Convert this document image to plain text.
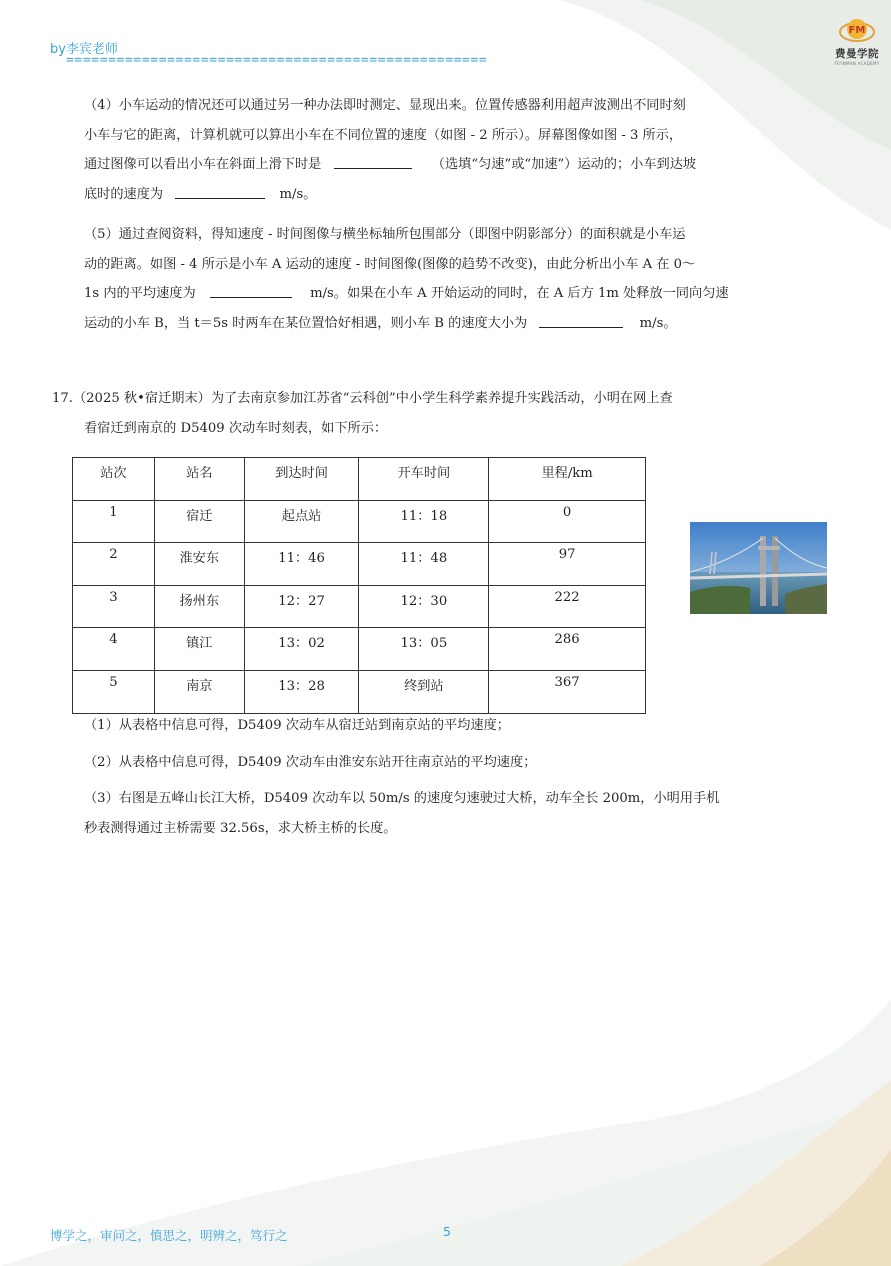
by李宾老师
==================================================
FM
费曼学院
FEYNMAN ACADEMY
（4）小车运动的情况还可以通过另一种办法即时测定、显现出来。位置传感器利用超声波测出不同时刻
小车与它的距离，计算机就可以算出小车在不同位置的速度（如图 - 2 所示）。屏幕图像如图 - 3 所示，
通过图像可以看出小车在斜面上滑下时是	（选填“匀速”或“加速”）运动的；小车到达坡
底时的速度为	m/s。
（5）通过查阅资料，得知速度 - 时间图像与横坐标轴所包围部分（即图中阴影部分）的面积就是小车运
动的距离。如图 - 4 所示是小车 A 运动的速度 - 时间图像(图像的趋势不改变)，由此分析出小车 A 在 0～
1s 内的平均速度为	m/s。如果在小车 A 开始运动的同时，在 A 后方 1m 处释放一同向匀速
运动的小车 B，当 t＝5s 时两车在某位置恰好相遇，则小车 B 的速度大小为	m/s。
17.（2025 秋•宿迁期末）为了去南京参加江苏省“云科创”中小学生科学素养提升实践活动，小明在网上查
看宿迁到南京的 D5409 次动车时刻表，如下所示：
站次	站名	到达时间	开车时间	里程/km

1	宿迁	起点站	11：18	0

2	淮安东	11：46	11：48	97

3	扬州东	12：27	12：30	222

4	镇江	13：02	13：05	286

5	南京	13：28	终到站	367
（1）从表格中信息可得，D5409 次动车从宿迁站到南京站的平均速度；
（2）从表格中信息可得，D5409 次动车由淮安东站开往南京站的平均速度；
（3）右图是五峰山长江大桥，D5409 次动车以 50m/s 的速度匀速驶过大桥，动车全长 200m，小明用手机
秒表测得通过主桥需要 32.56s，求大桥主桥的长度。
博学之，审问之，慎思之，明辨之，笃行之	5
